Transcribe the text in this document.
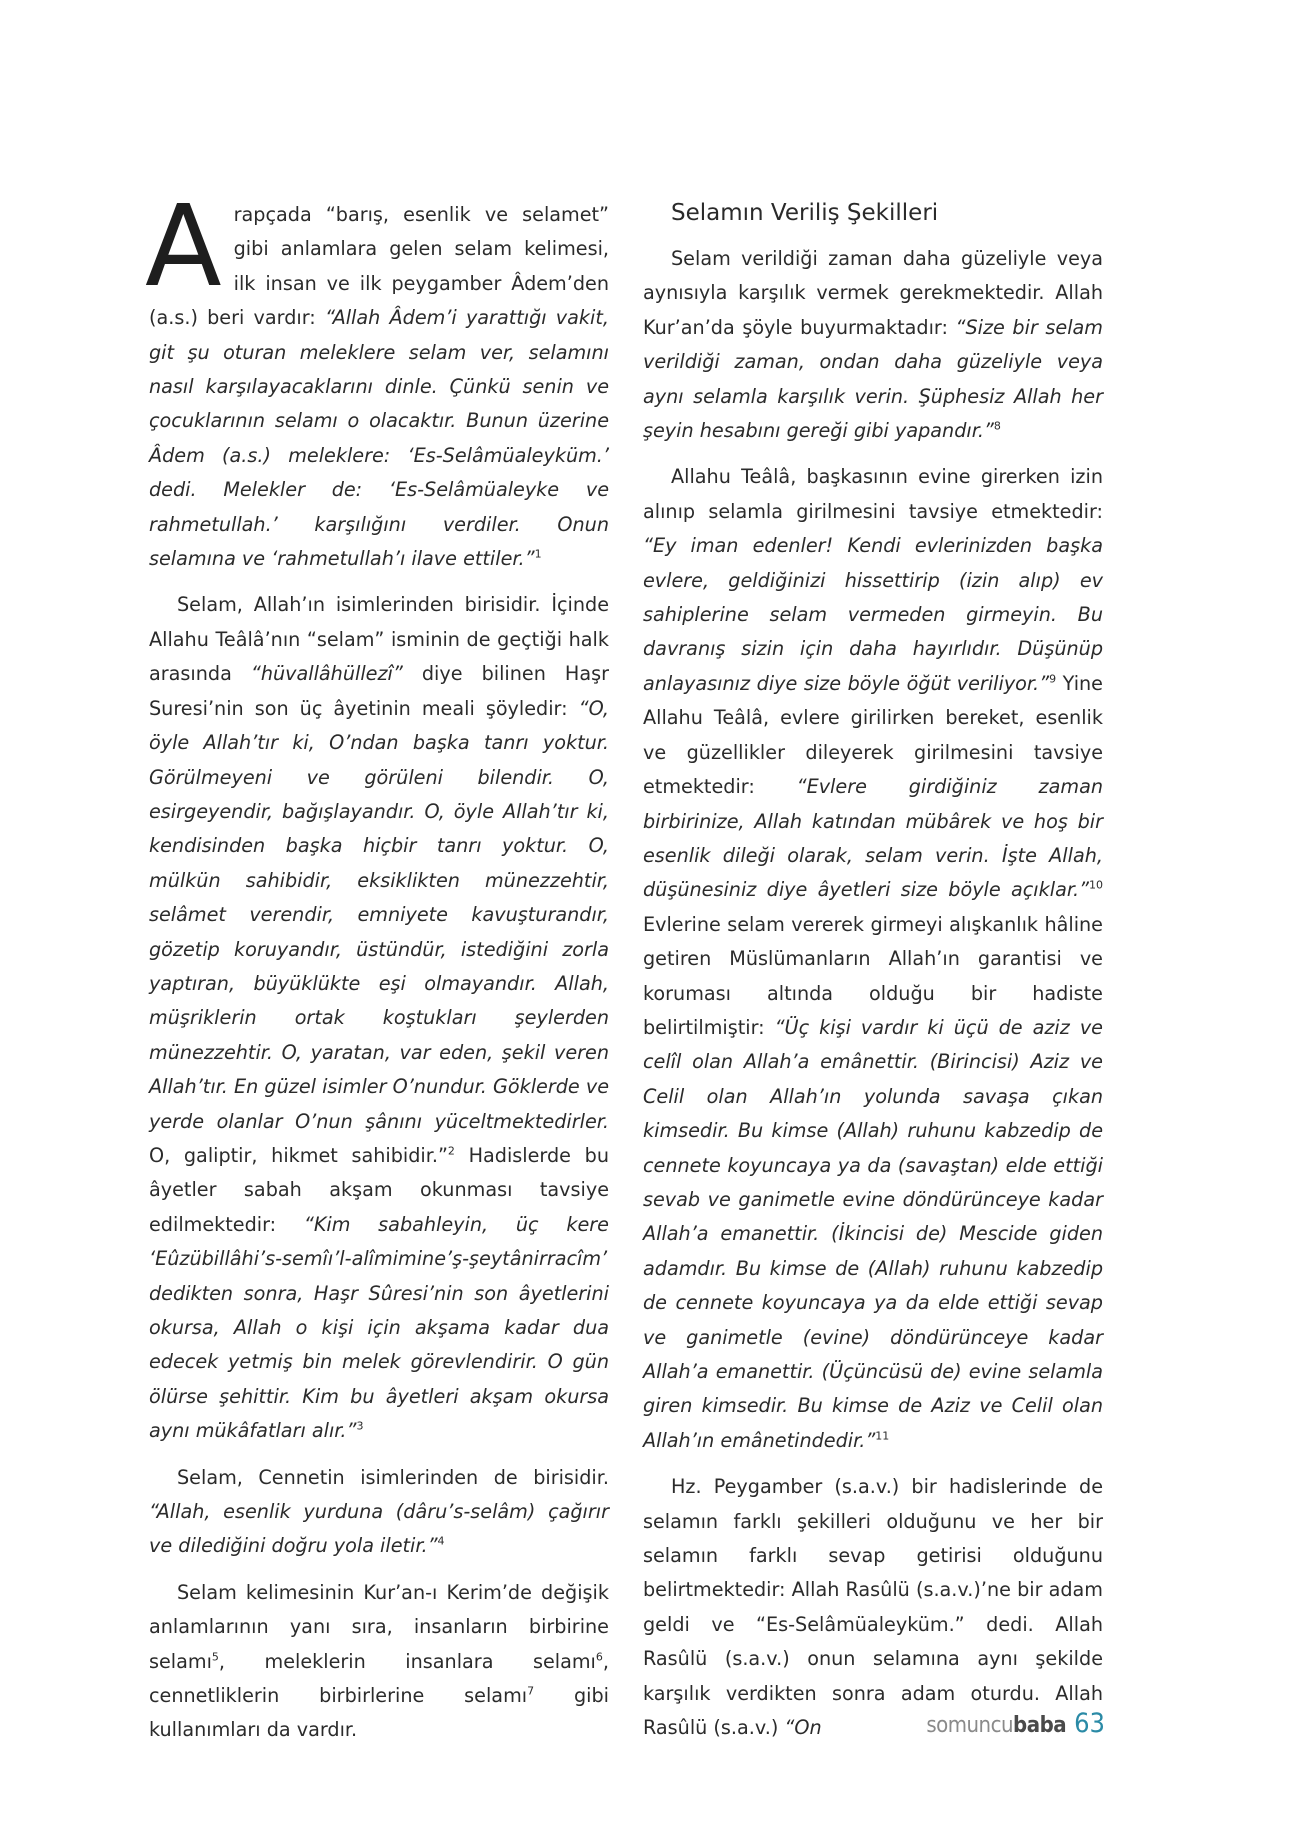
Arapçada “barış, esenlik ve selamet” gibi anlamlara gelen selam kelimesi, ilk insan ve ilk peygamber Âdem’den (a.s.) beri vardır: “Allah Âdem’i yarattığı vakit, git şu oturan meleklere selam ver, selamını nasıl karşılayacaklarını dinle. Çünkü senin ve çocuklarının selamı o olacaktır. Bunun üzerine Âdem (a.s.) meleklere: ‘Es-Selâmüaleyküm.’ dedi. Melekler de: ‘Es-Selâmüaleyke ve rahmetullah.’ karşılığını verdiler. Onun selamına ve ‘rahmetullah’ı ilave ettiler.”$^1$

Selam, Allah’ın isimlerinden birisidir. İçinde Allahu Teâlâ’nın “selam” isminin de geçtiği halk arasında “hüvallâhüllezî” diye bilinen Haşr Suresi’nin son üç âyetinin meali şöyledir: “O, öyle Allah’tır ki, O’ndan başka tanrı yoktur. Görülmeyeni ve görüleni bilendir. O, esirgeyendir, bağışlayandır. O, öyle Allah’tır ki, kendisinden başka hiçbir tanrı yoktur. O, mülkün sahibidir, eksiklikten münezzehtir, selâmet verendir, emniyete kavuşturandır, gözetip koruyandır, üstündür, istediğini zorla yaptıran, büyüklükte eşi olmayandır. Allah, müşriklerin ortak koştukları şeylerden münezzehtir. O, yaratan, var eden, şekil veren Allah’tır. En güzel isimler O’nundur. Göklerde ve yerde olanlar O’nun şânını yüceltmektedirler. O, galiptir, hikmet sahibidir.”$^2$ Hadislerde bu âyetler sabah akşam okunması tavsiye edilmektedir: “Kim sabahleyin, üç kere ‘Eûzübillâhi’s-semîı’l-alîmimine’ş-şeytânirracîm’ dedikten sonra, Haşr Sûresi’nin son âyetlerini okursa, Allah o kişi için akşama kadar dua edecek yetmiş bin melek görevlendirir. O gün ölürse şehittir. Kim bu âyetleri akşam okursa aynı mükâfatları alır.”$^3$

Selam, Cennetin isimlerinden de birisidir. “Allah, esenlik yurduna (dâru’s-selâm) çağırır ve dilediğini doğru yola iletir.”$^4$

Selam kelimesinin Kur’an-ı Kerim’de değişik anlamlarının yanı sıra, insanların birbirine selamı$^5$, meleklerin insanlara selamı$^6$, cennetliklerin birbirlerine selamı$^7$ gibi kullanımları da vardır.

Selamın Veriliş Şekilleri

Selam verildiği zaman daha güzeliyle veya aynısıyla karşılık vermek gerekmektedir. Allah Kur’an’da şöyle buyurmaktadır: “Size bir selam verildiği zaman, ondan daha güzeliyle veya aynı selamla karşılık verin. Şüphesiz Allah her şeyin hesabını gereği gibi yapandır.”$^8$

Allahu Teâlâ, başkasının evine girerken izin alınıp selamla girilmesini tavsiye etmektedir: “Ey iman edenler! Kendi evlerinizden başka evlere, geldiğinizi hissettirip (izin alıp) ev sahiplerine selam vermeden girmeyin. Bu davranış sizin için daha hayırlıdır. Düşünüp anlayasınız diye size böyle öğüt veriliyor.”$^9$ Yine Allahu Teâlâ, evlere girilirken bereket, esenlik ve güzellikler dileyerek girilmesini tavsiye etmektedir: “Evlere girdiğiniz zaman birbirinize, Allah katından mübârek ve hoş bir esenlik dileği olarak, selam verin. İşte Allah, düşünesiniz diye âyetleri size böyle açıklar.”$^{10}$ Evlerine selam vererek girmeyi alışkanlık hâline getiren Müslümanların Allah’ın garantisi ve koruması altında olduğu bir hadiste belirtilmiştir: “Üç kişi vardır ki üçü de aziz ve celîl olan Allah’a emânettir. (Birincisi) Aziz ve Celil olan Allah’ın yolunda savaşa çıkan kimsedir. Bu kimse (Allah) ruhunu kabzedip de cennete koyuncaya ya da (savaştan) elde ettiği sevab ve ganimetle evine döndürünceye kadar Allah’a emanettir. (İkincisi de) Mescide giden adamdır. Bu kimse de (Allah) ruhunu kabzedip de cennete koyuncaya ya da elde ettiği sevap ve ganimetle (evine) döndürünceye kadar Allah’a emanettir. (Üçüncüsü de) evine selamla giren kimsedir. Bu kimse de Aziz ve Celil olan Allah’ın emânetindedir.”$^{11}$

Hz. Peygamber (s.a.v.) bir hadislerinde de selamın farklı şekilleri olduğunu ve her bir selamın farklı sevap getirisi olduğunu belirtmektedir: Allah Rasûlü (s.a.v.)’ne bir adam geldi ve “Es-Selâmüaleyküm.” dedi. Allah Rasûlü (s.a.v.) onun selamına aynı şekilde karşılık verdikten sonra adam oturdu. Allah Rasûlü (s.a.v.) “On	somuncu baba 63
